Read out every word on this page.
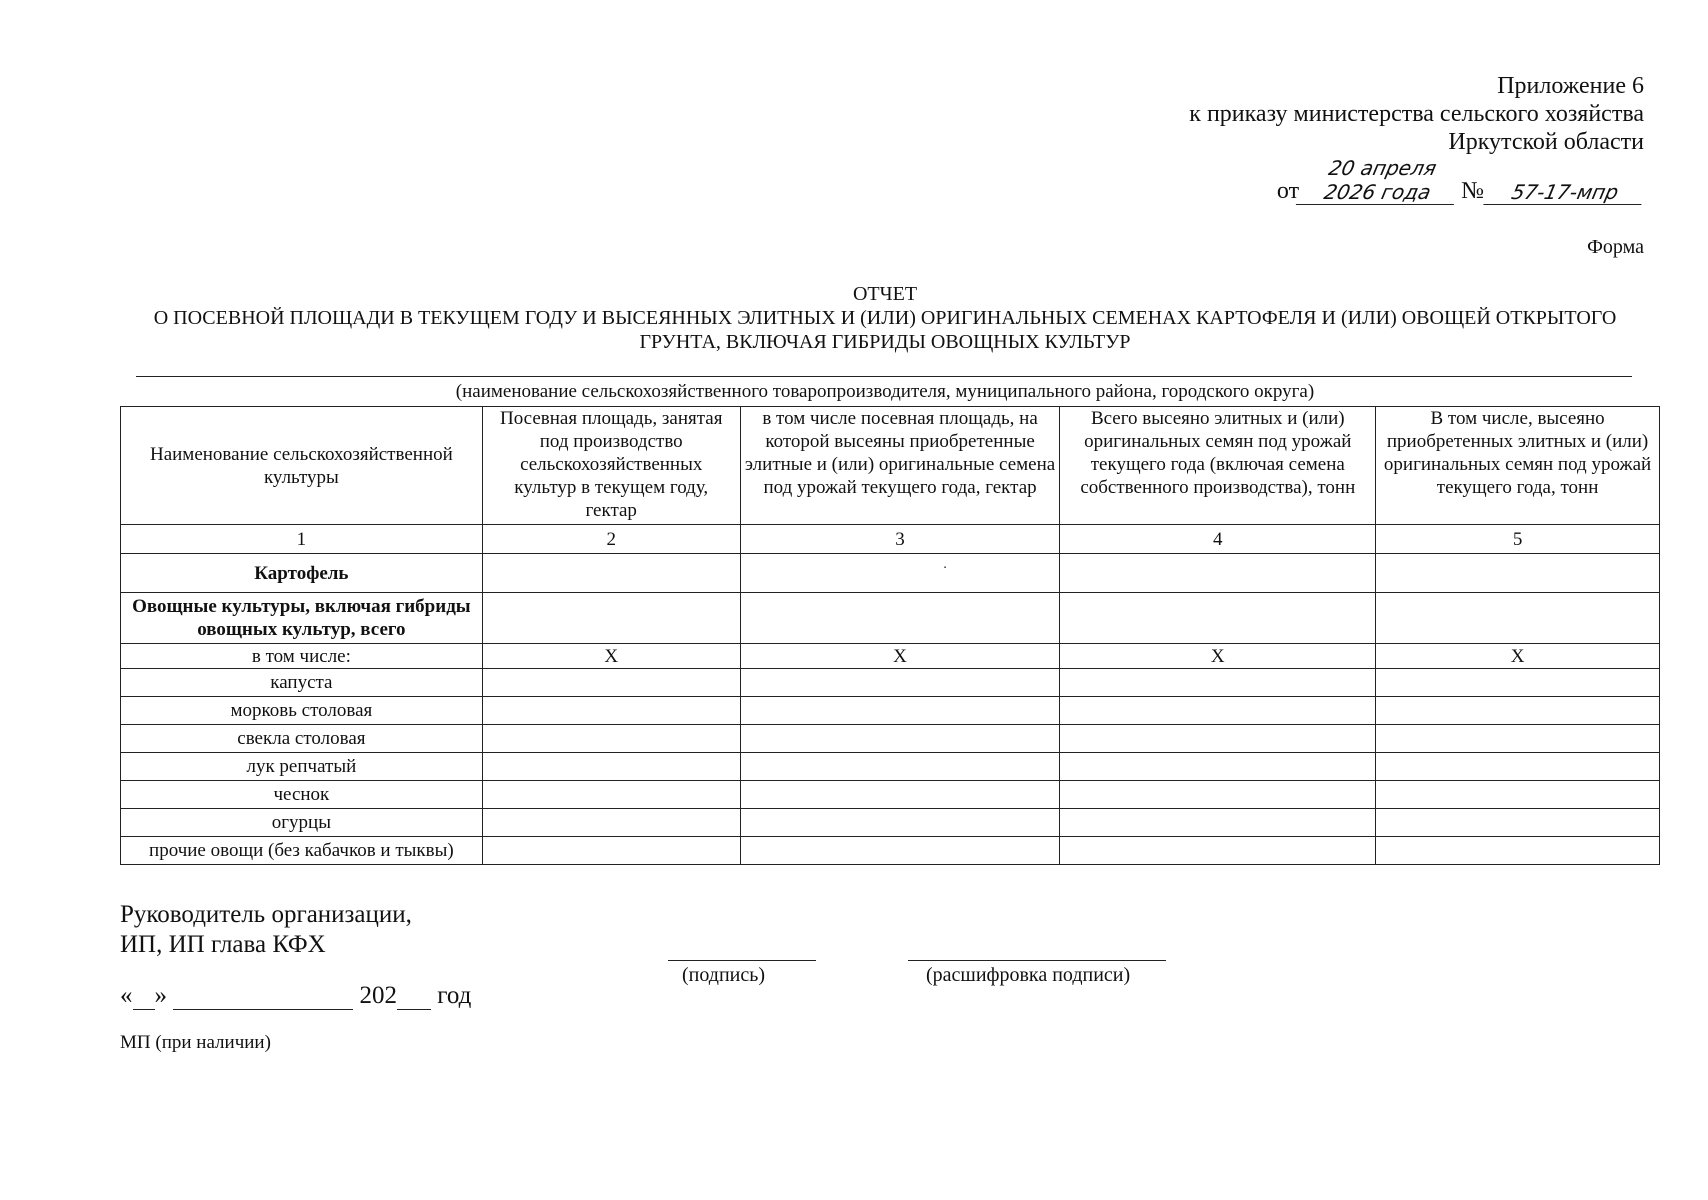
Приложение 6
к приказу министерства сельского хозяйства
Иркутской области
от
20 апреля 2026 года	№	57-17-мпр
Форма
ОТЧЕТ
О ПОСЕВНОЙ ПЛОЩАДИ В ТЕКУЩЕМ ГОДУ И ВЫСЕЯННЫХ ЭЛИТНЫХ И (ИЛИ) ОРИГИНАЛЬНЫХ СЕМЕНАХ КАРТОФЕЛЯ И (ИЛИ) ОВОЩЕЙ ОТКРЫТОГО
ГРУНТА, ВКЛЮЧАЯ ГИБРИДЫ ОВОЩНЫХ КУЛЬТУР
(наименование сельскохозяйственного товаропроизводителя, муниципального района, городского округа)
Наименование сельскохозяйственной культуры	Посевная площадь, занятая под производство сельскохозяйственных культур в текущем году, гектар	в том числе посевная площадь, на которой высеяны приобретенные элитные и (или) оригинальные семена под урожай текущего года, гектар	Всего высеяно элитных и (или) оригинальных семян под урожай текущего года (включая семена собственного производства), тонн	В том числе, высеяно приобретенных элитных и (или) оригинальных семян под урожай текущего года, тонн
1	2	3	4	5
Картофель		·		
Овощные культуры, включая гибриды овощных культур, всего				
в том числе:	Х	Х	Х	Х
капуста				
морковь столовая				
свекла столовая				
лук репчатый				
чеснок				
огурцы				
прочие овощи (без кабачков и тыквы)				
Руководитель организации,
ИП, ИП глава КФХ
(подпись)	(расшифровка подписи)
« »	202 год
МП (при наличии)
